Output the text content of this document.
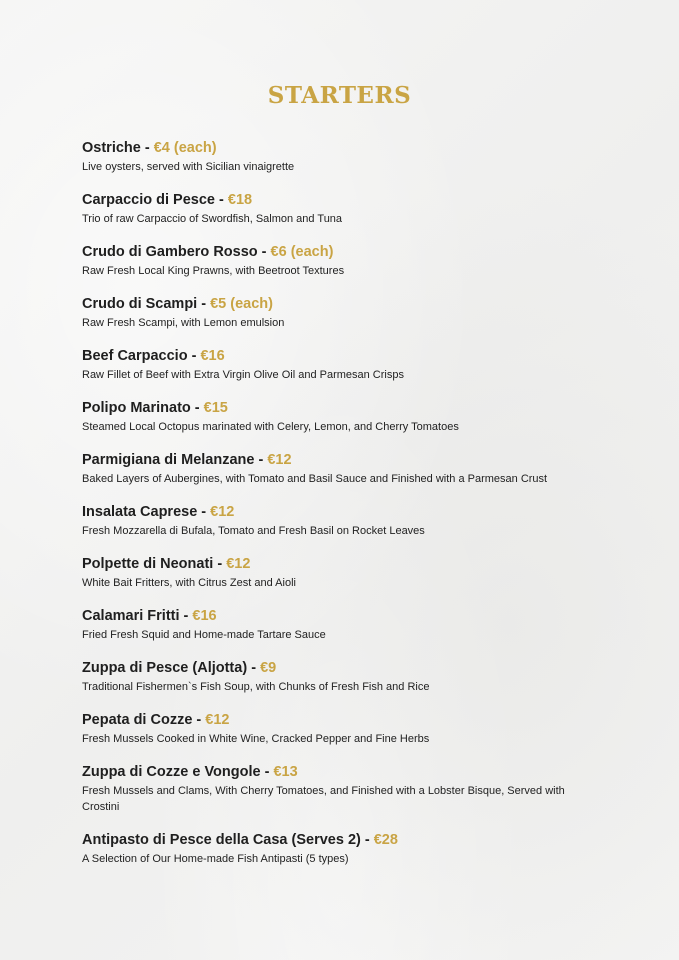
STARTERS
Ostriche - €4 (each)
Live oysters, served with Sicilian vinaigrette
Carpaccio di Pesce - €18
Trio of raw Carpaccio of Swordfish, Salmon and Tuna
Crudo di Gambero Rosso - €6 (each)
Raw Fresh Local King Prawns, with Beetroot Textures
Crudo di Scampi - €5 (each)
Raw Fresh Scampi, with Lemon emulsion
Beef Carpaccio - €16
Raw Fillet of Beef with Extra Virgin Olive Oil and Parmesan Crisps
Polipo Marinato - €15
Steamed Local Octopus marinated with Celery, Lemon, and Cherry Tomatoes
Parmigiana di Melanzane - €12
Baked Layers of Aubergines, with Tomato and Basil Sauce and Finished with a Parmesan Crust
Insalata Caprese - €12
Fresh Mozzarella di Bufala, Tomato and Fresh Basil on Rocket Leaves
Polpette di Neonati - €12
White Bait Fritters, with Citrus Zest and Aioli
Calamari Fritti - €16
Fried Fresh Squid and Home-made Tartare Sauce
Zuppa di Pesce (Aljotta) - €9
Traditional Fishermen`s Fish Soup, with Chunks of Fresh Fish and Rice
Pepata di Cozze - €12
Fresh Mussels Cooked in White Wine, Cracked Pepper and Fine Herbs
Zuppa di Cozze e Vongole - €13
Fresh Mussels and Clams, With Cherry Tomatoes, and Finished with a Lobster Bisque, Served with Crostini
Antipasto di Pesce della Casa (Serves 2) - €28
A Selection of Our Home-made Fish Antipasti (5 types)
